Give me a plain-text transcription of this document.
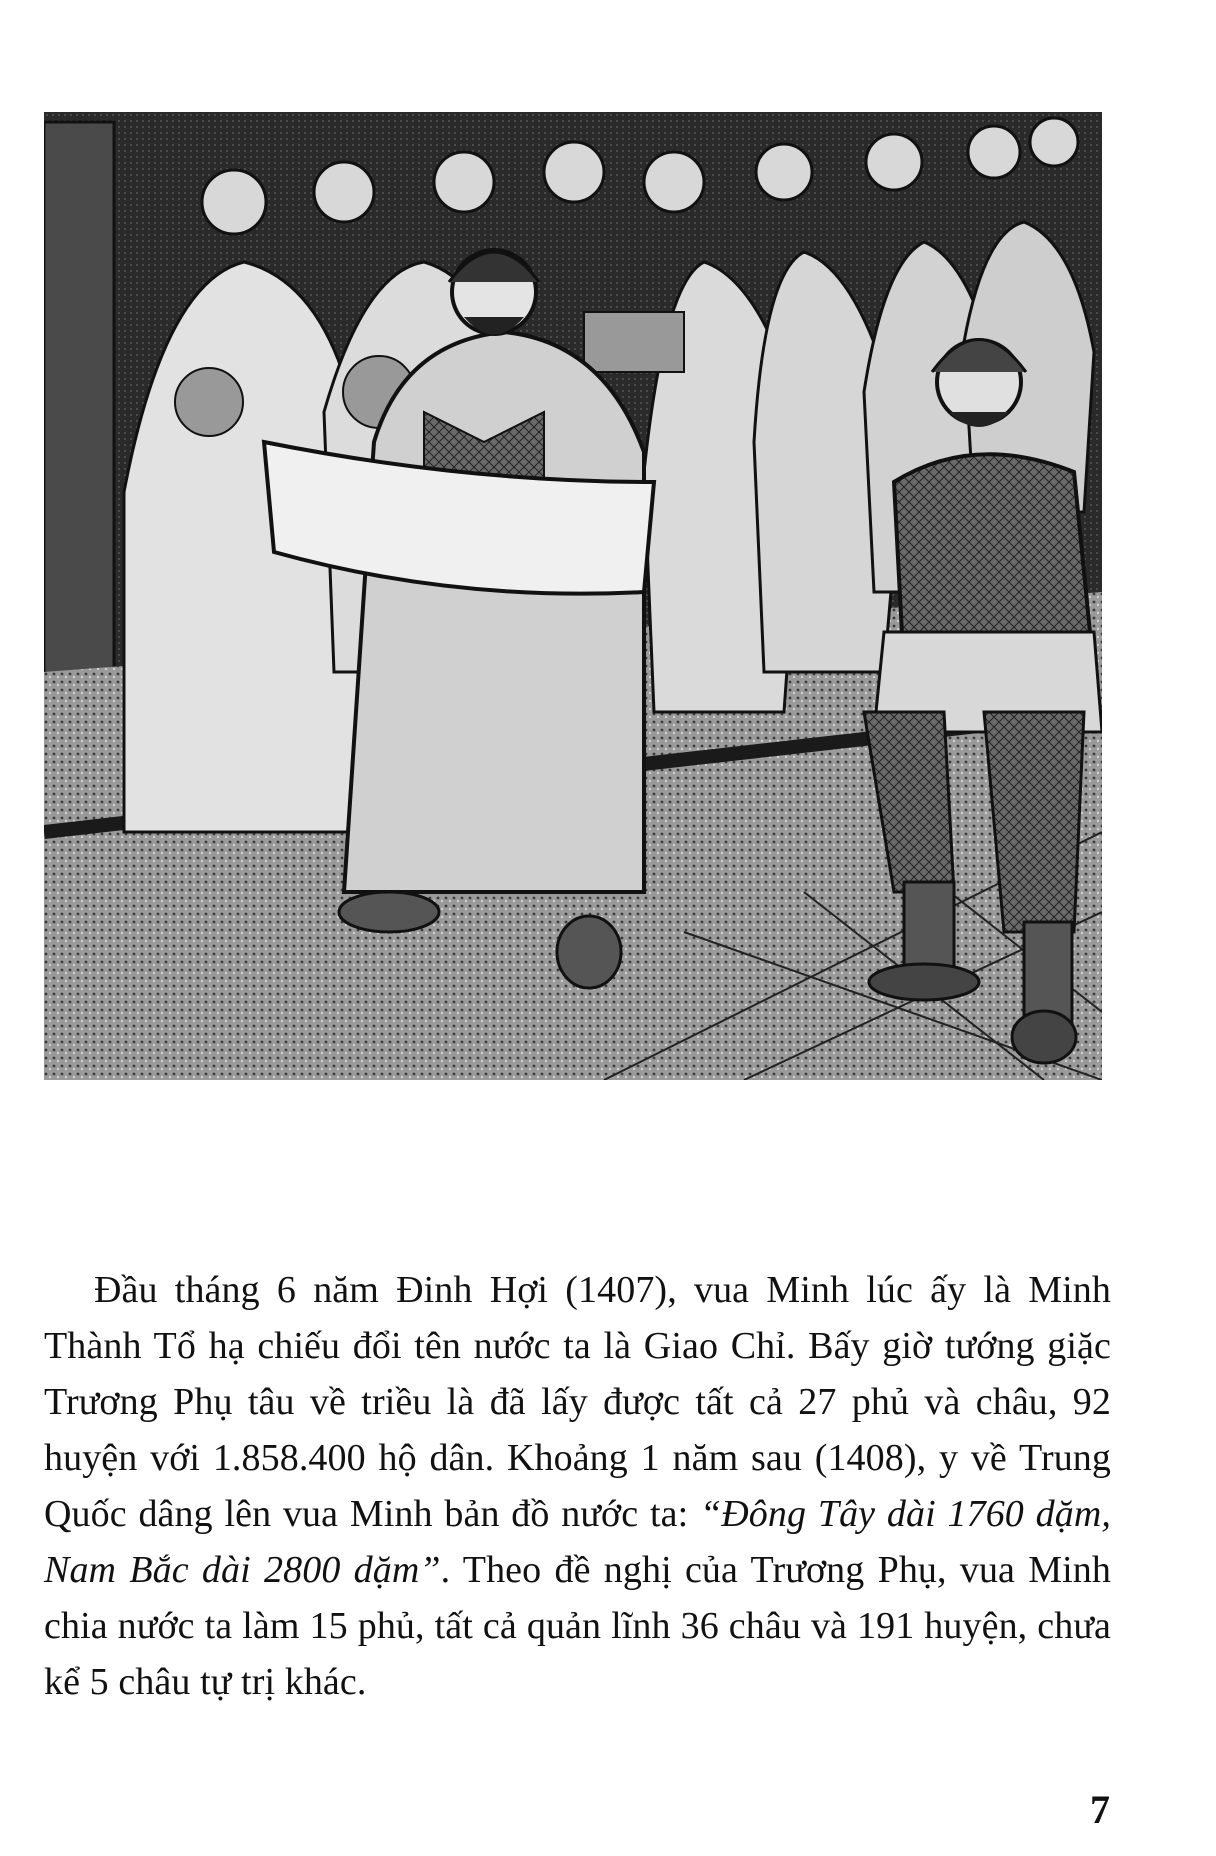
Đầu tháng 6 năm Đinh Hợi (1407), vua Minh lúc ấy là Minh Thành Tổ hạ chiếu đổi tên nước ta là Giao Chỉ. Bấy giờ tướng giặc Trương Phụ tâu về triều là đã lấy được tất cả 27 phủ và châu, 92 huyện với 1.858.400 hộ dân. Khoảng 1 năm sau (1408), y về Trung Quốc dâng lên vua Minh bản đồ nước ta: “Đông Tây dài 1760 dặm, Nam Bắc dài 2800 dặm”. Theo đề nghị của Trương Phụ, vua Minh chia nước ta làm 15 phủ, tất cả quản lĩnh 36 châu và 191 huyện, chưa kể 5 châu tự trị khác.

7
